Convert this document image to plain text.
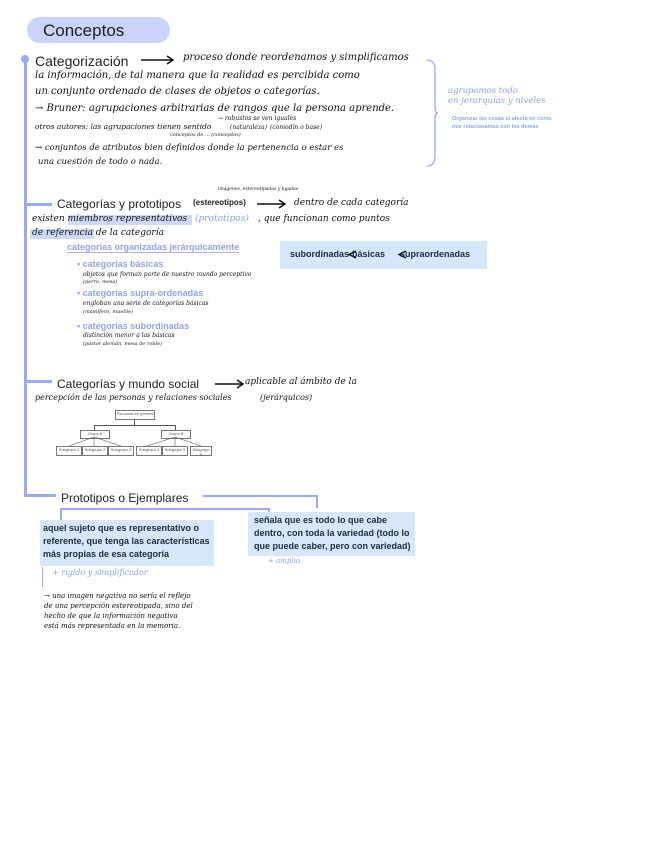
Conceptos
Categorización	proceso donde reordenamos y simplificamos
la información, de tal manera que la realidad es percibida como
un conjunto ordenado de clases de objetos o categorías.
→ Bruner: agrupaciones arbitrarias de rangos que la persona aprende.
→ robustos se ven iguales
otros autores: las agrupaciones tienen sentido	(naturaleza) (comodín o base)
conceptos de ... (conceptos)
→ conjuntos de atributos bien definidos donde la pertenencia o estar es
una cuestión de todo o nada.
agrupamos todo
en jerarquías y niveles
Organizar las cosas si afecta en cómo
nos relacionamos con los demás
Categorías y prototipos (estereotipos)
imágenes, estereotipadas y ligadas
dentro de cada categoría
existen miembros representativos (prototipos) , que funcionan como puntos
de referencia de la categoría
categorías organizadas jerárquicamente
• categorías básicas
objetos que forman parte de nuestro mundo perceptivo
(perro, mesa)
• categorías supra-ordenadas
engloban una serie de categorías básicas
(mamífero, mueble)
• categorías subordinadas
distinción menor a las básicas
(pastor alemán, mesa de roble)
subordinadas básicas supraordenadas
Categorías y mundo social	aplicable al ámbito de la
percepción de las personas y relaciones sociales	(jerárquicos)
Personas en general
Grupo A	Grupo B
Subgrupo 1	Subgrupo 2	Subgrupo 3	Subgrupo 4	Subgrupo 5	Subgrupo 6
Prototipos o Ejemplares
aquel sujeto que es representativo o referente, que tenga las características más propias de esa categoría
señala que es todo lo que cabe dentro, con toda la variedad (todo lo que puede caber, pero con variedad)
+ rígido y simplificador
+ amplio
→ una imagen negativa no sería el reflejo
de una percepción estereotipada, sino del
hecho de que la información negativa
está más representada en la memoria.
